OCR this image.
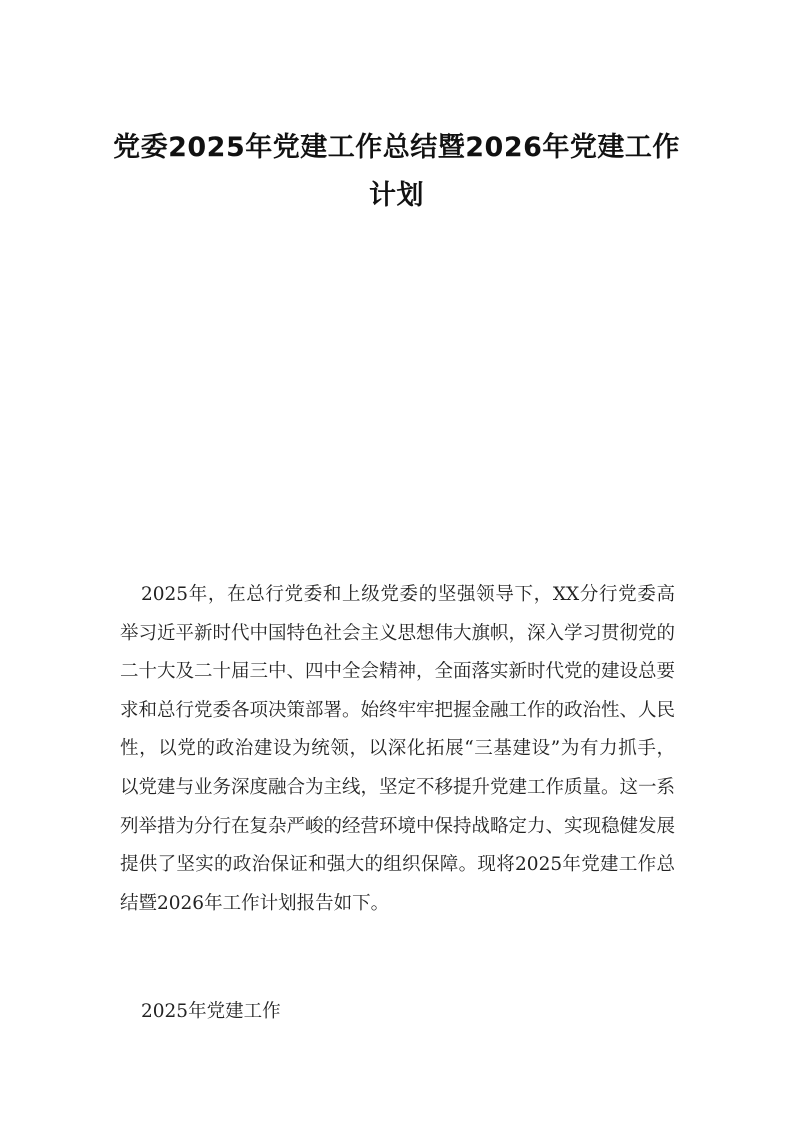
党委2025年党建工作总结暨2026年党建工作计划

2025年，在总行党委和上级党委的坚强领导下，XX分行党委高举习近平新时代中国特色社会主义思想伟大旗帜，深入学习贯彻党的二十大及二十届三中、四中全会精神，全面落实新时代党的建设总要求和总行党委各项决策部署。始终牢牢把握金融工作的政治性、人民性，以党的政治建设为统领，以深化拓展“三基建设”为有力抓手，以党建与业务深度融合为主线，坚定不移提升党建工作质量。这一系列举措为分行在复杂严峻的经营环境中保持战略定力、实现稳健发展提供了坚实的政治保证和强大的组织保障。现将2025年党建工作总结暨2026年工作计划报告如下。

2025年党建工作
